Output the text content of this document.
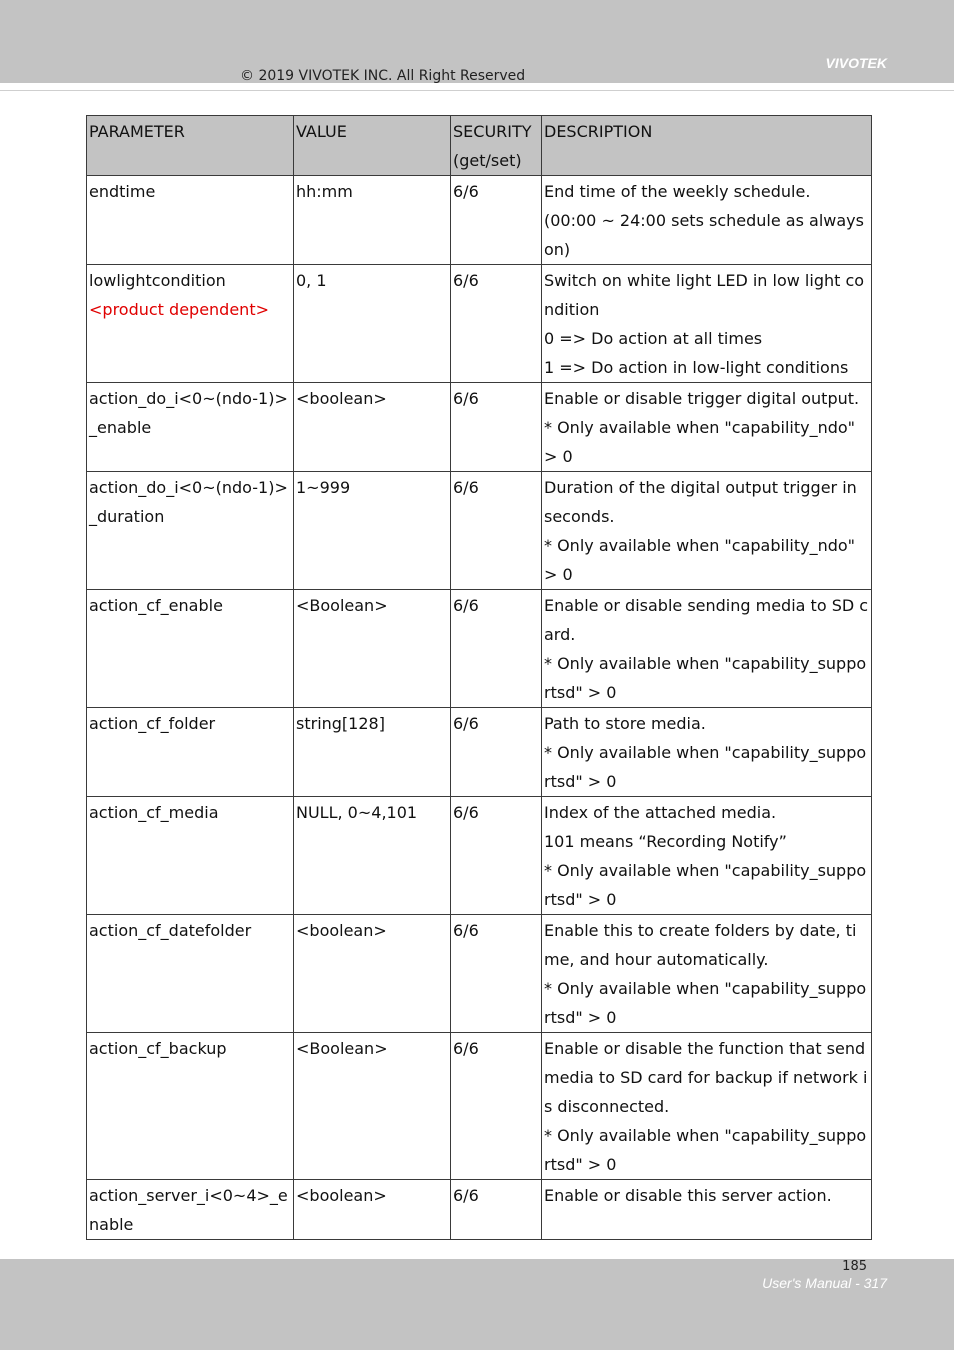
VIVOTEK
© 2019 VIVOTEK INC. All Right Reserved
PARAMETER	VALUE	SECURITY (get/set)	DESCRIPTION

endtime	hh:mm	6/6	End time of the weekly schedule.
(00:00 ~ 24:00 sets schedule as always on)

lowlightcondition
<product dependent>	0, 1	6/6	Switch on white light LED in low light condition
0 => Do action at all times
1 => Do action in low-light conditions

action_do_i<0~(ndo-1)>_enable	<boolean>	6/6	Enable or disable trigger digital output.
* Only available when "capability_ndo" > 0

action_do_i<0~(ndo-1)>_duration	1~999	6/6	Duration of the digital output trigger in seconds.
* Only available when "capability_ndo" > 0

action_cf_enable	<Boolean>	6/6	Enable or disable sending media to SD card.
* Only available when "capability_supportsd" > 0

action_cf_folder	string[128]	6/6	Path to store media.
* Only available when "capability_supportsd" > 0

action_cf_media	NULL, 0~4,101	6/6	Index of the attached media.
101 means “Recording Notify”
* Only available when "capability_supportsd" > 0

action_cf_datefolder	<boolean>	6/6	Enable this to create folders by date, time, and hour automatically.
* Only available when "capability_supportsd" > 0

action_cf_backup	<Boolean>	6/6	Enable or disable the function that send media to SD card for backup if network is disconnected.
* Only available when "capability_supportsd" > 0

action_server_i<0~4>_enable	<boolean>	6/6	Enable or disable this server action.
185
User's Manual - 317
